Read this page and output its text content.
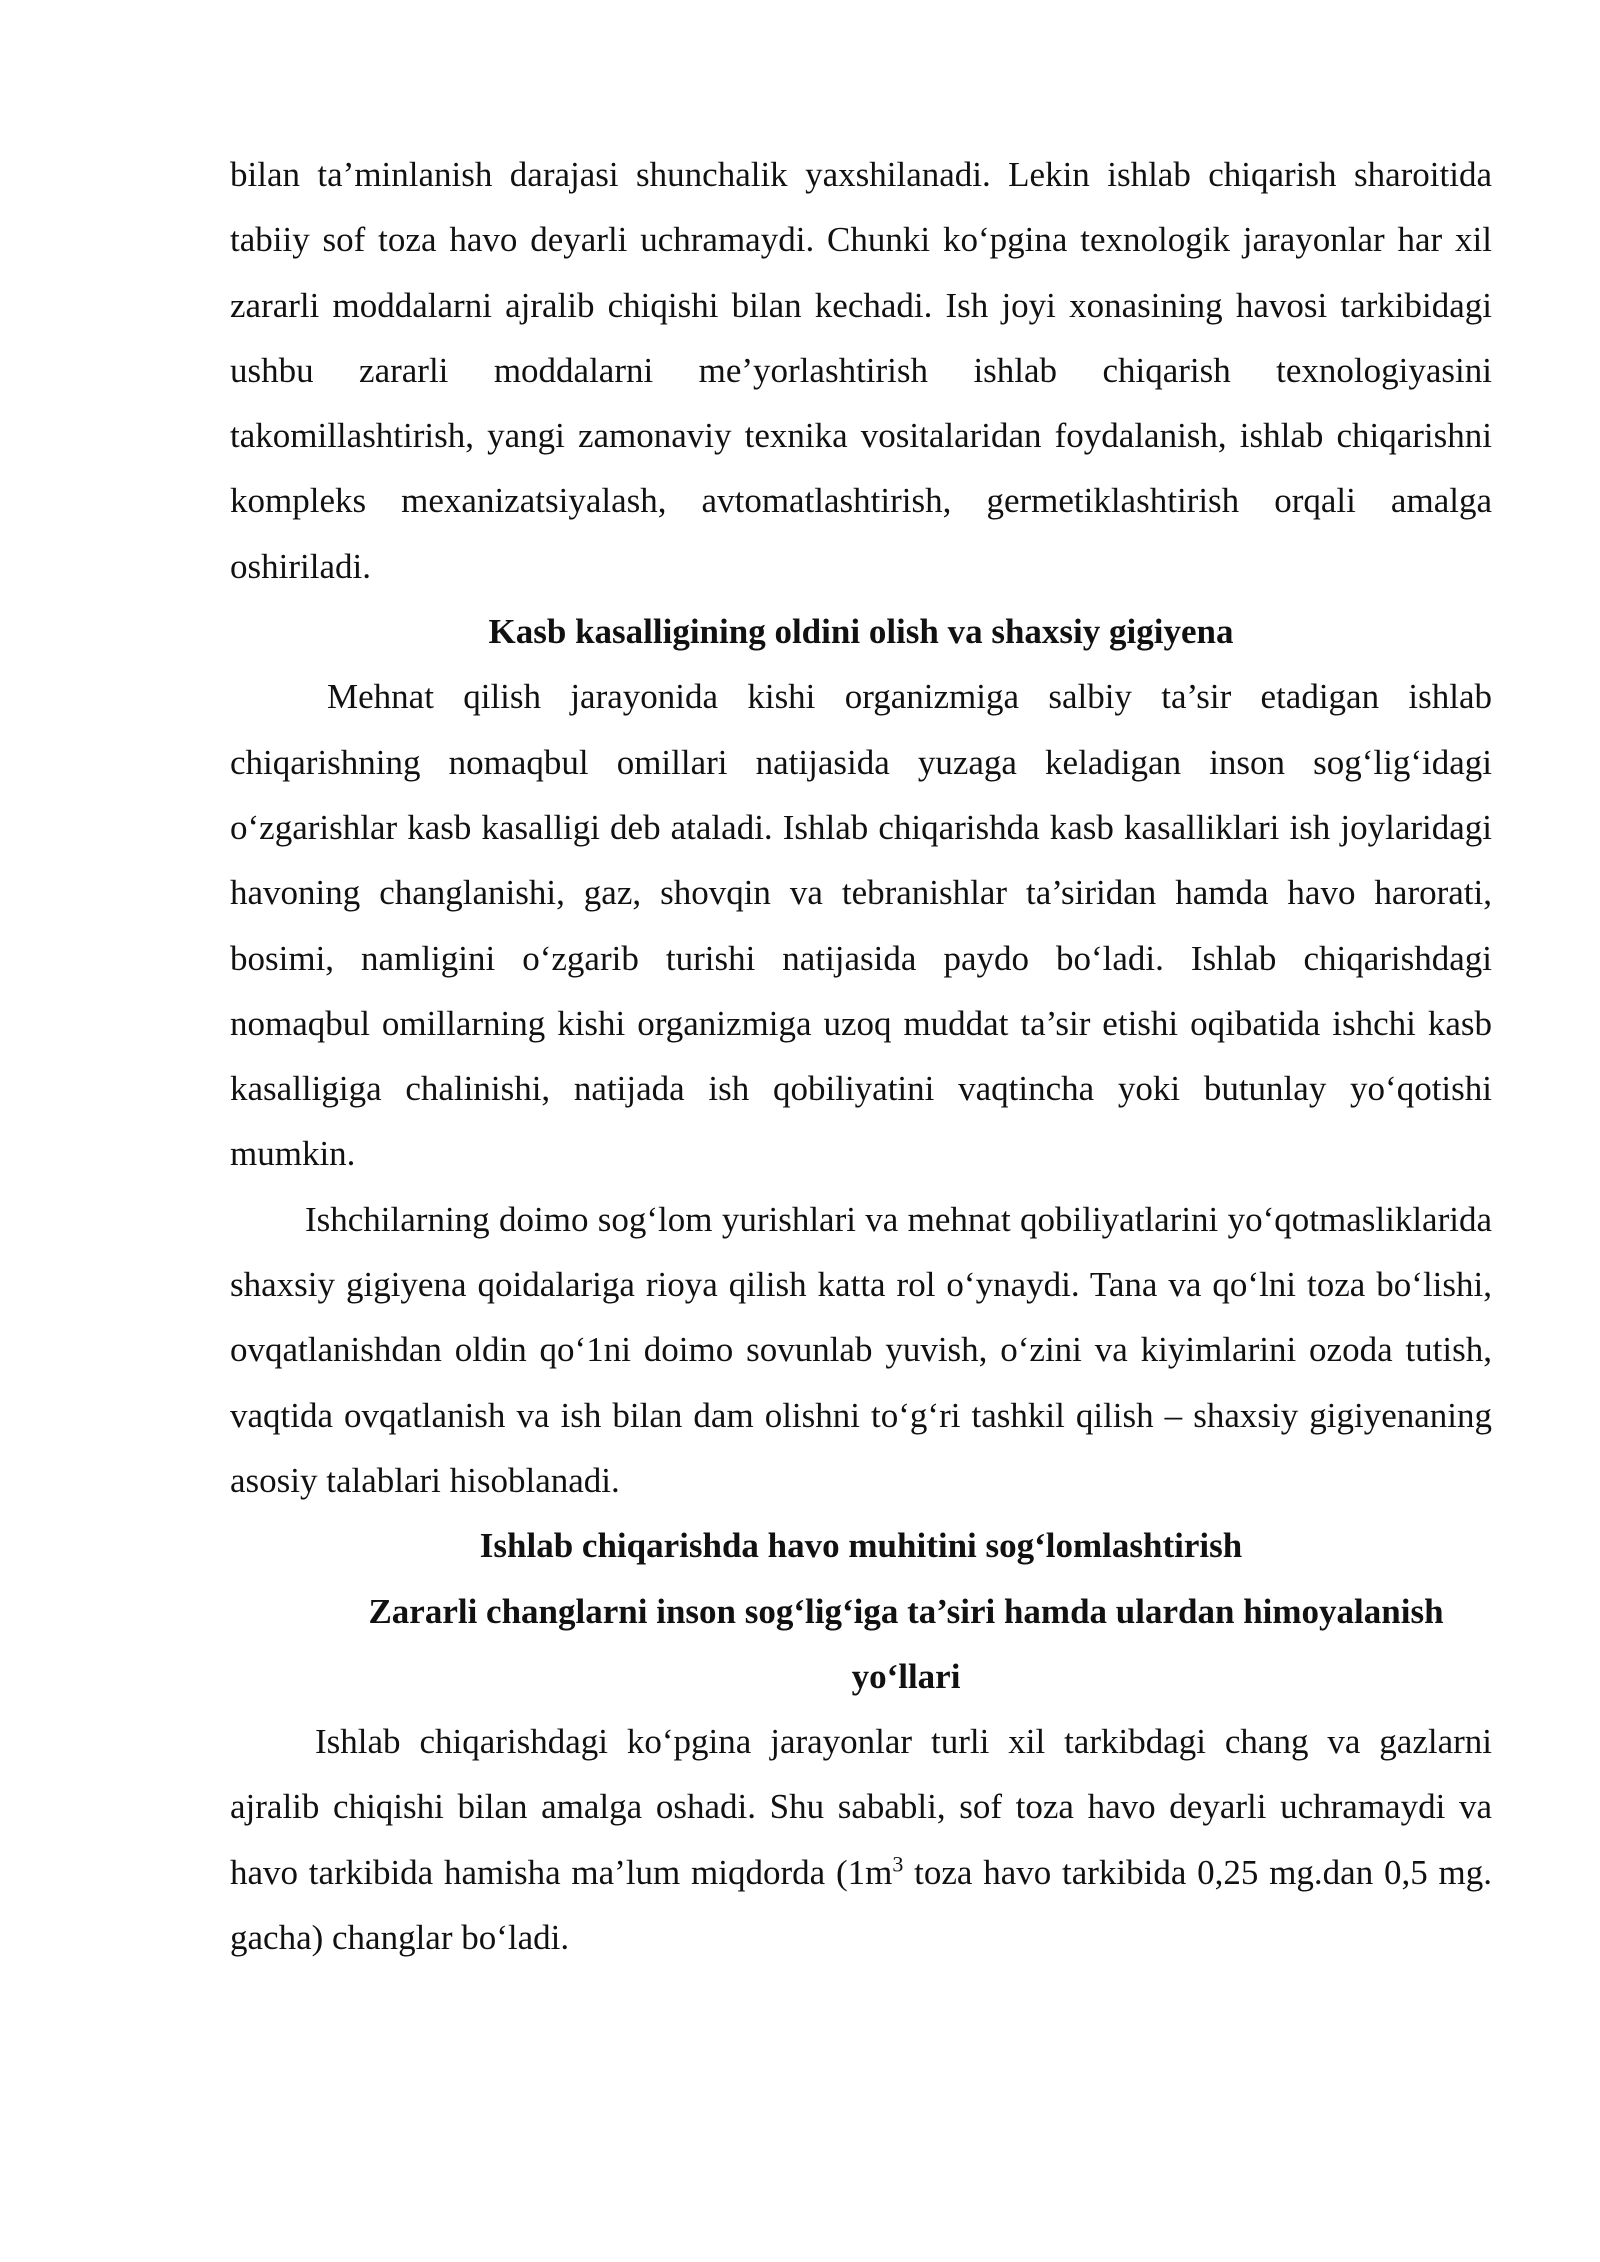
bilan ta’minlanish darajasi shunchalik yaxshilanadi. Lekin ishlab chiqarish sharoitida tabiiy sof toza havo deyarli uchramaydi. Chunki ko‘pgina texnologik jarayonlar har xil zararli moddalarni ajralib chiqishi bilan kechadi. Ish joyi xonasining havosi tarkibidagi ushbu zararli moddalarni me’yorlashtirish ishlab chiqarish texnologiyasini takomillashtirish, yangi zamonaviy texnika vositalaridan foydalanish, ishlab chiqarishni kompleks mexanizatsiyalash, avtomatlashtirish, germetiklashtirish orqali amalga oshiriladi.

Kasb kasalligining oldini olish va shaxsiy gigiyena

Mehnat qilish jarayonida kishi organizmiga salbiy ta’sir etadigan ishlab chiqarishning nomaqbul omillari natijasida yuzaga keladigan inson sog‘lig‘idagi o‘zgarishlar kasb kasalligi deb ataladi. Ishlab chiqarishda kasb kasalliklari ish joylaridagi havoning changlanishi, gaz, shovqin va tebranishlar ta’siridan hamda havo harorati, bosimi, namligini o‘zgarib turishi natijasida paydo bo‘ladi. Ishlab chiqarishdagi nomaqbul omillarning kishi organizmiga uzoq muddat ta’sir etishi oqibatida ishchi kasb kasalligiga chalinishi, natijada ish qobiliyatini vaqtincha yoki butunlay yo‘qotishi mumkin.

Ishchilarning doimo sog‘lom yurishlari va mehnat qobiliyatlarini yo‘qotmasliklarida shaxsiy gigiyena qoidalariga rioya qilish katta rol o‘ynaydi. Tana va qo‘lni toza bo‘lishi, ovqatlanishdan oldin qo‘1ni doimo sovunlab yuvish, o‘zini va kiyimlarini ozoda tutish, vaqtida ovqatlanish va ish bilan dam olishni to‘g‘ri tashkil qilish – shaxsiy gigiyenaning asosiy talablari hisoblanadi.

Ishlab chiqarishda havo muhitini sog‘lomlashtirish

Zararli changlarni inson sog‘lig‘iga ta’siri hamda ulardan himoyalanish yo‘llari

Ishlab chiqarishdagi ko‘pgina jarayonlar turli xil tarkibdagi chang va gazlarni ajralib chiqishi bilan amalga oshadi. Shu sababli, sof toza havo deyarli uchramaydi va havo tarkibida hamisha ma’lum miqdorda ($1m^3$ toza havo tarkibida 0,25 mg.dan 0,5 mg. gacha) changlar bo‘ladi.
